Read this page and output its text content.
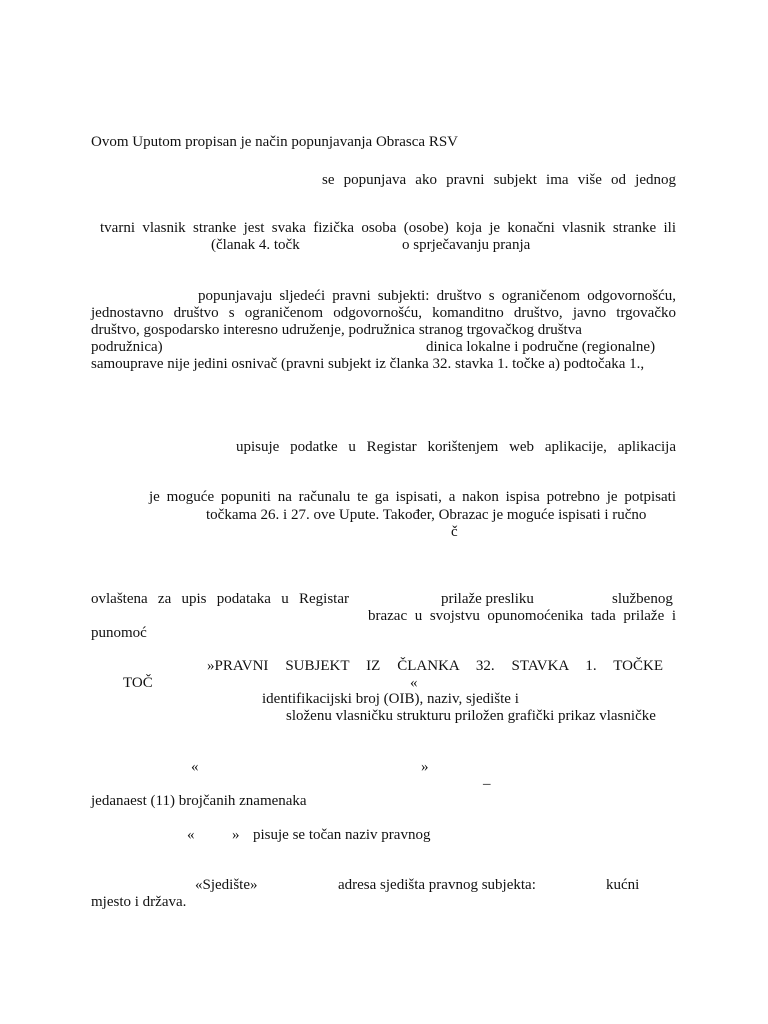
Ovom Uputom propisan je način popunjavanja Obrasca RSV

se popunjava ako pravni subjekt ima više od jednog

tvarni vlasnik stranke jest svaka fizička osoba (osobe) koja je konačni vlasnik stranke ili

(članak 4. točk	o sprječavanju pranja

popunjavaju sljedeći pravni subjekti: društvo s ograničenom odgovornošću,

jednostavno društvo s ograničenom odgovornošću, komanditno društvo, javno trgovačko

društvo, gospodarsko interesno udruženje, podružnica stranog trgovačkog društva

podružnica)	dinica lokalne i područne (regionalne)

samouprave nije jedini osnivač (pravni subjekt iz članka 32. stavka 1. točke a) podtočaka 1.,

upisuje podatke u Registar korištenjem web aplikacije, aplikacija

je moguće popuniti na računalu te ga ispisati, a nakon ispisa potrebno je potpisati

točkama 26. i 27. ove Upute. Također, Obrazac je moguće ispisati i ručno

č

ovlaštena za upis podataka u Registar	prilaže presliku	službenog

brazac u svojstvu opunomoćenika tada prilaže i

punomoć

»PRAVNI SUBJEKT IZ ČLANKA 32. STAVKA 1. TOČKE

TOČ	«

identifikacijski broj (OIB), naziv, sjedište i

složenu vlasničku strukturu priložen grafički prikaz vlasničke

«	»

–

jedanaest (11) brojčanih znamenaka

«	» pisuje se točan naziv pravnog

«Sjedište»	adresa sjedišta pravnog subjekta:	kućni

mjesto i država.
